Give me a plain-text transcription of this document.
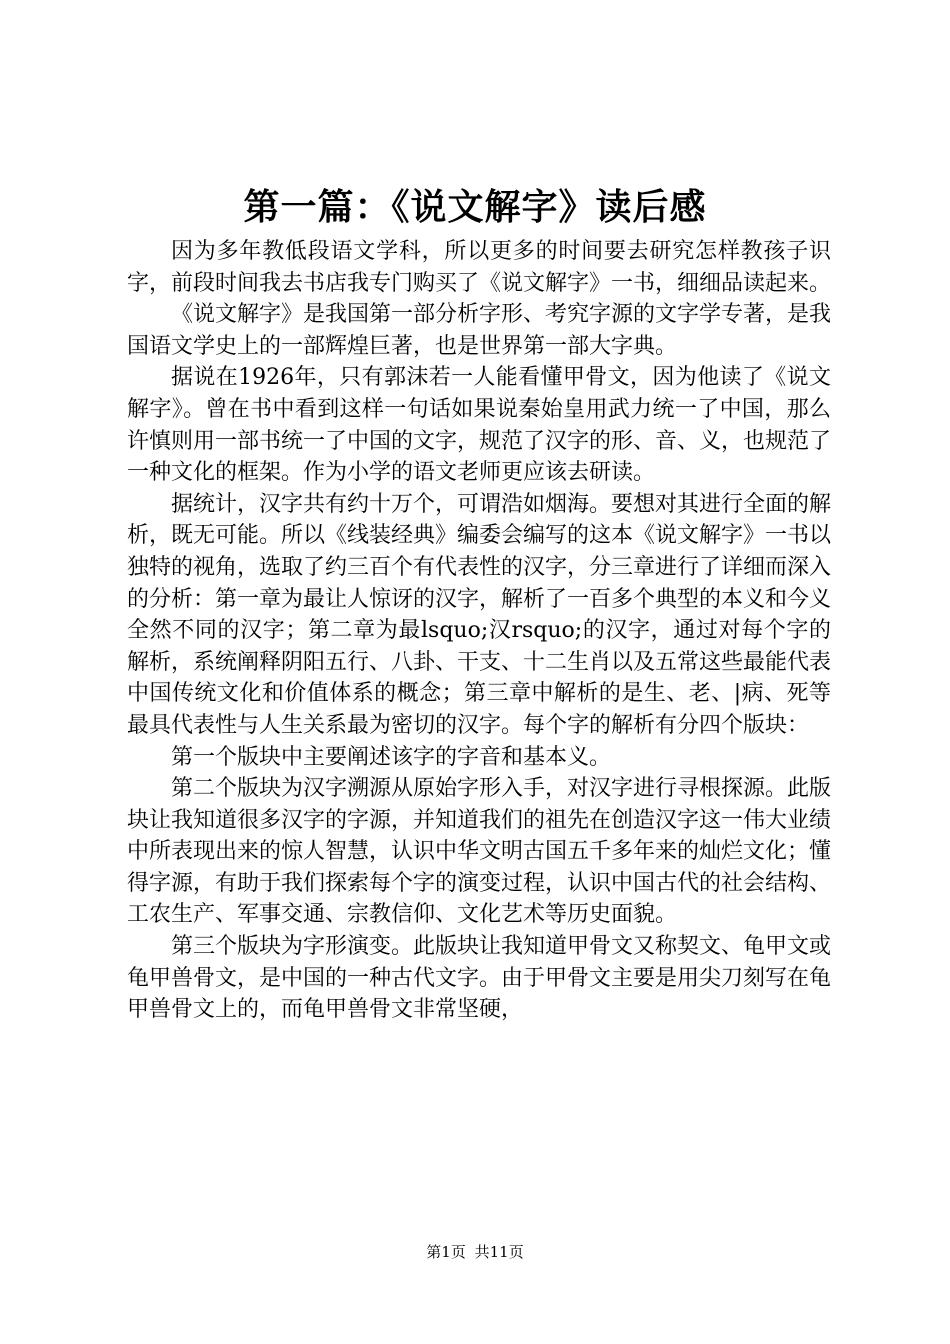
第一篇：《说文解字》读后感

因为多年教低段语文学科，所以更多的时间要去研究怎样教孩子识字，前段时间我去书店我专门购买了《说文解字》一书，细细品读起来。

《说文解字》是我国第一部分析字形、考究字源的文字学专著，是我国语文学史上的一部辉煌巨著，也是世界第一部大字典。

据说在1926年，只有郭沫若一人能看懂甲骨文，因为他读了《说文解字》。曾在书中看到这样一句话如果说秦始皇用武力统一了中国，那么许慎则用一部书统一了中国的文字，规范了汉字的形、音、义，也规范了一种文化的框架。作为小学的语文老师更应该去研读。

据统计，汉字共有约十万个，可谓浩如烟海。要想对其进行全面的解析，既无可能。所以《线装经典》编委会编写的这本《说文解字》一书以独特的视角，选取了约三百个有代表性的汉字，分三章进行了详细而深入的分析：第一章为最让人惊讶的汉字，解析了一百多个典型的本义和今义全然不同的汉字；第二章为最lsquo;汉rsquo;的汉字，通过对每个字的解析，系统阐释阴阳五行、八卦、干支、十二生肖以及五常这些最能代表中国传统文化和价值体系的概念；第三章中解析的是生、老、|病、死等最具代表性与人生关系最为密切的汉字。每个字的解析有分四个版块：

第一个版块中主要阐述该字的字音和基本义。

第二个版块为汉字溯源从原始字形入手，对汉字进行寻根探源。此版块让我知道很多汉字的字源，并知道我们的祖先在创造汉字这一伟大业绩中所表现出来的惊人智慧，认识中华文明古国五千多年来的灿烂文化；懂得字源，有助于我们探索每个字的演变过程，认识中国古代的社会结构、工农生产、军事交通、宗教信仰、文化艺术等历史面貌。

第三个版块为字形演变。此版块让我知道甲骨文又称契文、龟甲文或龟甲兽骨文，是中国的一种古代文字。由于甲骨文主要是用尖刀刻写在龟甲兽骨文上的，而龟甲兽骨文非常坚硬，

第1页 共11页
